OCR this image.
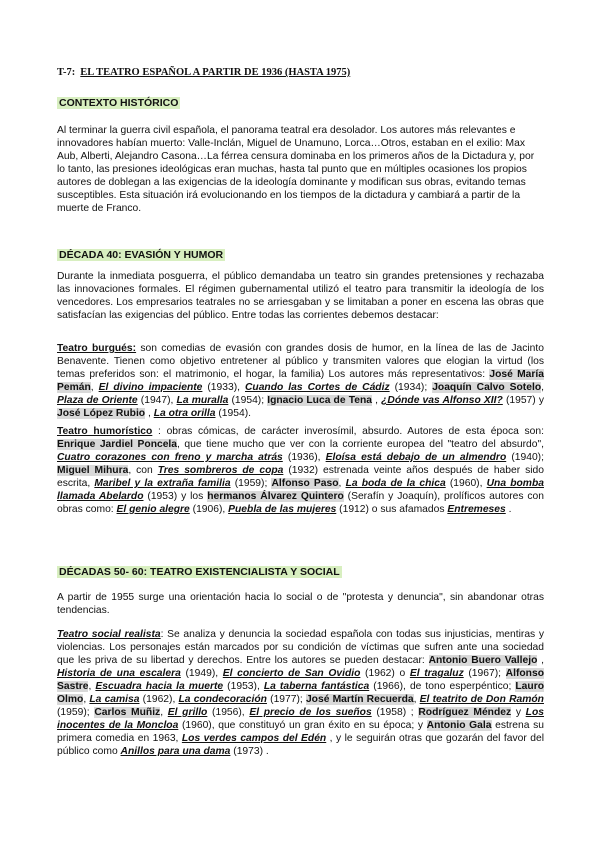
T-7: EL TEATRO ESPAÑOL A PARTIR DE 1936 (HASTA 1975)
CONTEXTO HISTÓRICO

Al terminar la guerra civil española, el panorama teatral era desolador. Los autores más relevantes e innovadores habían muerto: Valle-Inclán, Miguel de Unamuno, Lorca…Otros, estaban en el exilio: Max Aub, Alberti, Alejandro Casona…La férrea censura dominaba en los primeros años de la Dictadura y, por lo tanto, las presiones ideológicas eran muchas, hasta tal punto que en múltiples ocasiones los propios autores de doblegan a las exigencias de la ideología dominante y modifican sus obras, evitando temas susceptibles. Esta situación irá evolucionando en los tiempos de la dictadura y cambiará a partir de la muerte de Franco.

DÉCADA 40: EVASIÓN Y HUMOR

Durante la inmediata posguerra, el público demandaba un teatro sin grandes pretensiones y rechazaba las innovaciones formales. El régimen gubernamental utilizó el teatro para transmitir la ideología de los vencedores. Los empresarios teatrales no se arriesgaban y se limitaban a poner en escena las obras que satisfacían las exigencias del público. Entre todas las corrientes debemos destacar:

Teatro burgués: son comedias de evasión con grandes dosis de humor, en la línea de las de Jacinto Benavente. Tienen como objetivo entretener al público y transmiten valores que elogian la virtud (los temas preferidos son: el matrimonio, el hogar, la familia) Los autores más representativos: José María Pemán, El divino impaciente (1933), Cuando las Cortes de Cádiz (1934); Joaquín Calvo Sotelo, Plaza de Oriente (1947), La muralla (1954); Ignacio Luca de Tena , ¿Dónde vas Alfonso XII? (1957) y José López Rubio , La otra orilla (1954).

Teatro humorístico : obras cómicas, de carácter inverosímil, absurdo. Autores de esta época son: Enrique Jardiel Poncela, que tiene mucho que ver con la corriente europea del "teatro del absurdo", Cuatro corazones con freno y marcha atrás (1936), Eloísa está debajo de un almendro (1940); Miguel Mihura, con Tres sombreros de copa (1932) estrenada veinte años después de haber sido escrita, Maribel y la extraña familia (1959); Alfonso Paso, La boda de la chica (1960), Una bomba llamada Abelardo (1953) y los hermanos Álvarez Quintero (Serafín y Joaquín), prolíficos autores con obras como: El genio alegre (1906), Puebla de las mujeres (1912) o sus afamados Entremeses .

DÉCADAS 50- 60: TEATRO EXISTENCIALISTA Y SOCIAL

A partir de 1955 surge una orientación hacia lo social o de "protesta y denuncia", sin abandonar otras tendencias.

Teatro social realista: Se analiza y denuncia la sociedad española con todas sus injusticias, mentiras y violencias. Los personajes están marcados por su condición de víctimas que sufren ante una sociedad que les priva de su libertad y derechos. Entre los autores se pueden destacar: Antonio Buero Vallejo , Historia de una escalera (1949), El concierto de San Ovidio (1962) o El tragaluz (1967); Alfonso Sastre, Escuadra hacia la muerte (1953), La taberna fantástica (1966), de tono esperpéntico; Lauro Olmo, La camisa (1962), La condecoración (1977); José Martín Recuerda, El teatrito de Don Ramón (1959); Carlos Muñiz, El grillo (1956), El precio de los sueños (1958) ; Rodríguez Méndez y Los inocentes de la Moncloa (1960), que constituyó un gran éxito en su época; y Antonio Gala estrena su primera comedia en 1963, Los verdes campos del Edén , y le seguirán otras que gozarán del favor del público como Anillos para una dama (1973) .
